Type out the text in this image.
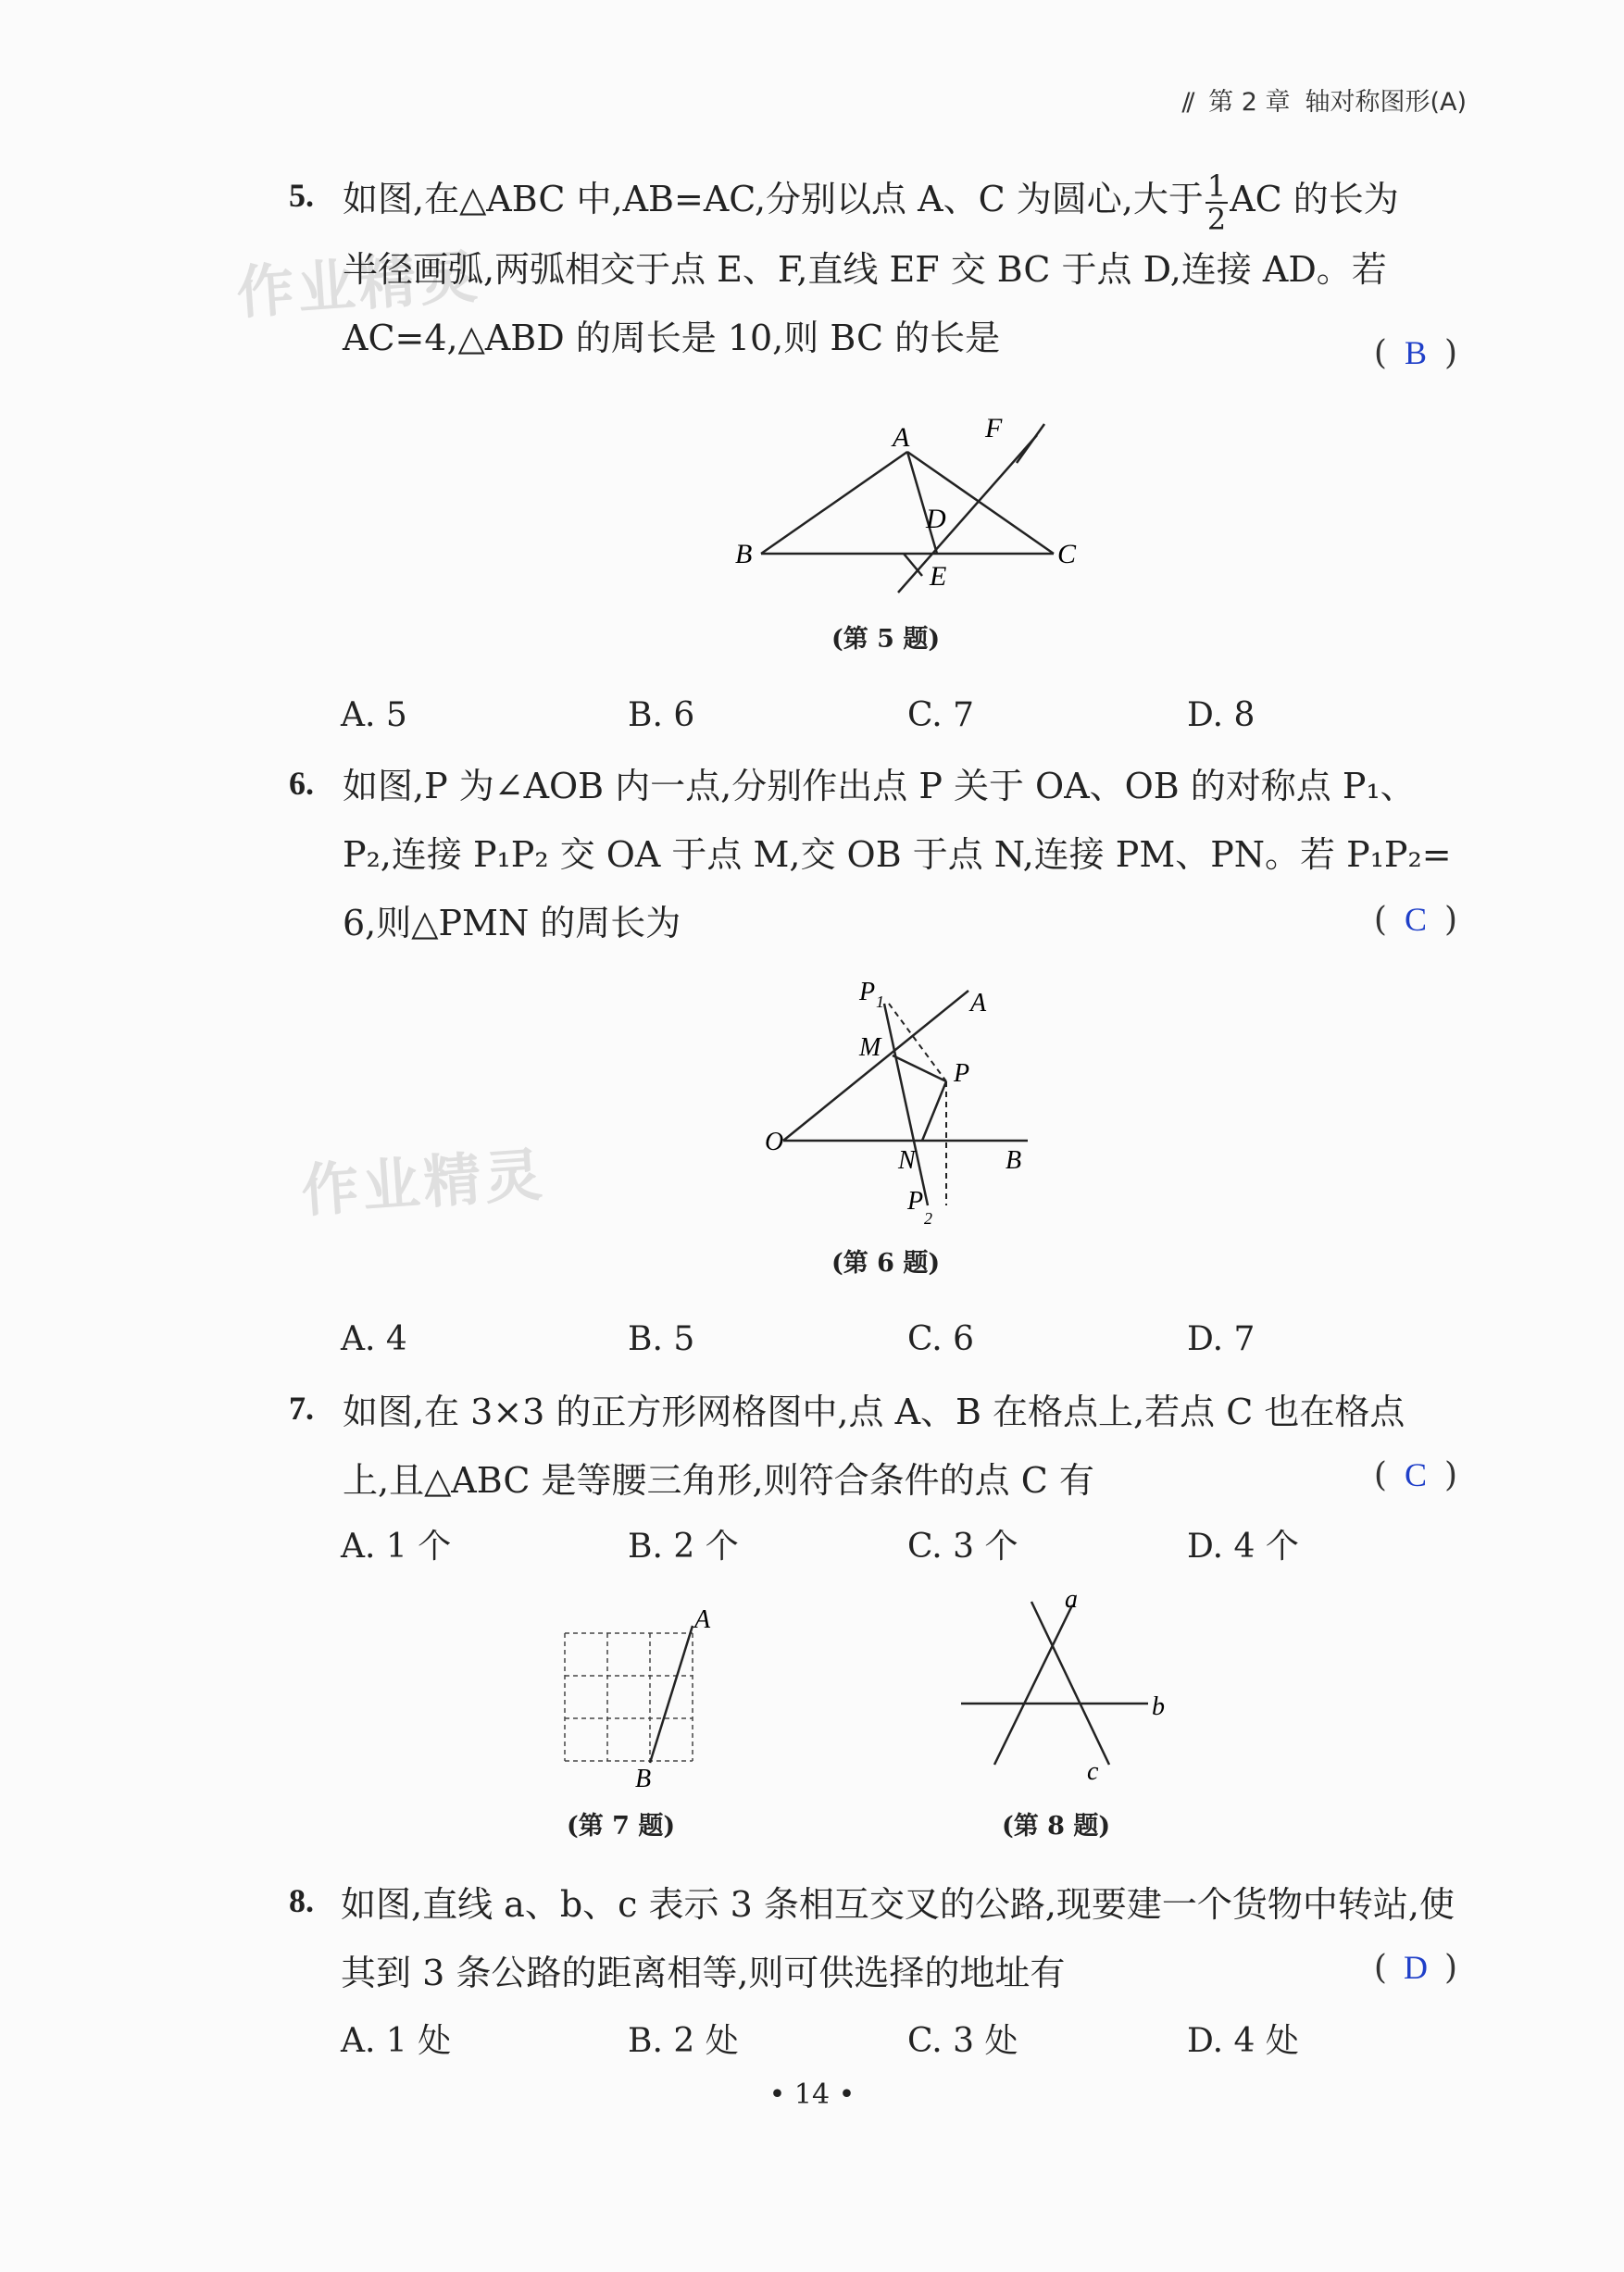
// 第 2 章 轴对称图形(A)
作业精灵
作业精灵
5. 如图,在△ABC 中,AB=AC,分别以点 A、C 为圆心,大于 $\frac{1}{2}$ AC 的长为
半径画弧,两弧相交于点 E、F,直线 EF 交 BC 于点 D,连接 AD。若
AC=4,△ABD 的周长是 10,则 BC 的长是	( B )
A
B	C
D
E
F
(第 5 题)
A. 5	B. 6	C. 7	D. 8
6. 如图,P 为∠AOB 内一点,分别作出点 P 关于 OA、OB 的对称点 P₁、
P₂,连接 P₁P₂ 交 OA 于点 M,交 OB 于点 N,连接 PM、PN。若 P₁P₂=
6,则△PMN 的周长为	( C )
P 1	A
M
P
O
N	B
P
2
(第 6 题)
A. 4	B. 5	C. 6	D. 7
7. 如图,在 3×3 的正方形网格图中,点 A、B 在格点上,若点 C 也在格点
上,且△ABC 是等腰三角形,则符合条件的点 C 有	( C )
A. 1 个	B. 2 个	C. 3 个	D. 4 个
A
B
(第 7 题)
a
b
c
(第 8 题)
8. 如图,直线 a、b、c 表示 3 条相互交叉的公路,现要建一个货物中转站,使
其到 3 条公路的距离相等,则可供选择的地址有	( D )
A. 1 处	B. 2 处	C. 3 处	D. 4 处
• 14 •
